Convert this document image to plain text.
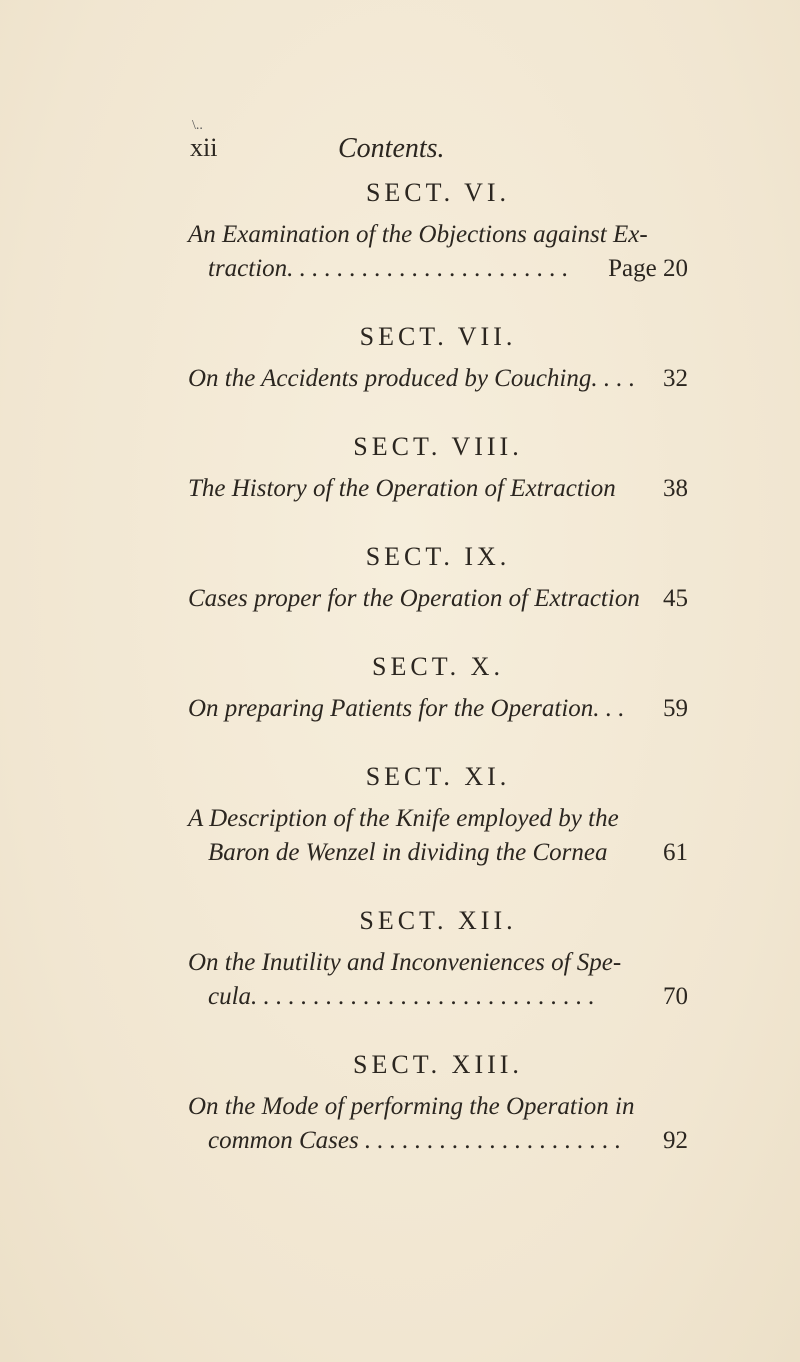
\..
xii	Contents.
SECT. VI.
An Examination of the Objections against Ex-
traction. . . . . . . . . . . . . . . . . . . . . . . Page 20
SECT. VII.
On the Accidents produced by Couching. . . . 32
SECT. VIII.
The History of the Operation of Extraction 38
SECT. IX.
Cases proper for the Operation of Extraction 45
SECT. X.
On preparing Patients for the Operation. . . 59
SECT. XI.
A Description of the Knife employed by the
Baron de Wenzel in dividing the Cornea 61
SECT. XII.
On the Inutility and Inconveniences of Spe-
cula. . . . . . . . . . . . . . . . . . . . . . . . . . . .	70
SECT. XIII.
On the Mode of performing the Operation in
common Cases . . . . . . . . . . . . . . . . . . . . . 92
